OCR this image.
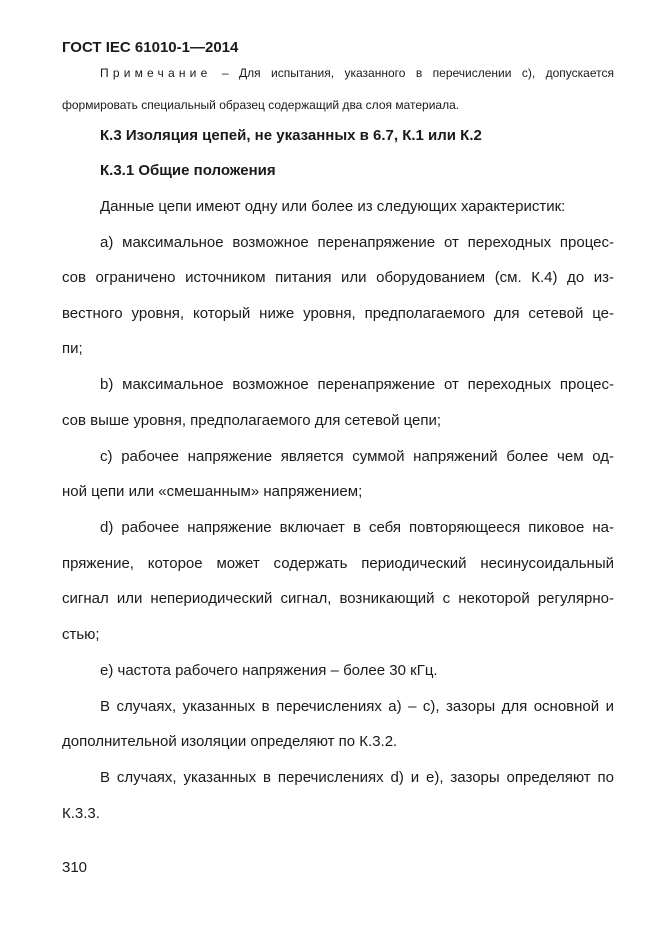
ГОСТ IEC 61010-1—2014
Примечание – Для испытания, указанного в перечислении с), допускается
формировать специальный образец содержащий два слоя материала.
К.3 Изоляция цепей, не указанных в 6.7, К.1 или К.2
К.3.1 Общие положения
Данные цепи имеют одну или более из следующих характеристик:
а) максимальное возможное перенапряжение от переходных процес-
сов ограничено источником питания или оборудованием (см. К.4) до из-
вестного уровня, который ниже уровня, предполагаемого для сетевой це-
пи;
b) максимальное возможное перенапряжение от переходных процес-
сов выше уровня, предполагаемого для сетевой цепи;
c) рабочее напряжение является суммой напряжений более чем од-
ной цепи или «смешанным» напряжением;
d) рабочее напряжение включает в себя повторяющееся пиковое на-
пряжение, которое может содержать периодический несинусоидальный
сигнал или непериодический сигнал, возникающий с некоторой регулярно-
стью;
e) частота рабочего напряжения – более 30 кГц.
В случаях, указанных в перечислениях а) – с), зазоры для основной и
дополнительной изоляции определяют по К.3.2.
В случаях, указанных в перечислениях d) и e), зазоры определяют по
К.3.3.
310
